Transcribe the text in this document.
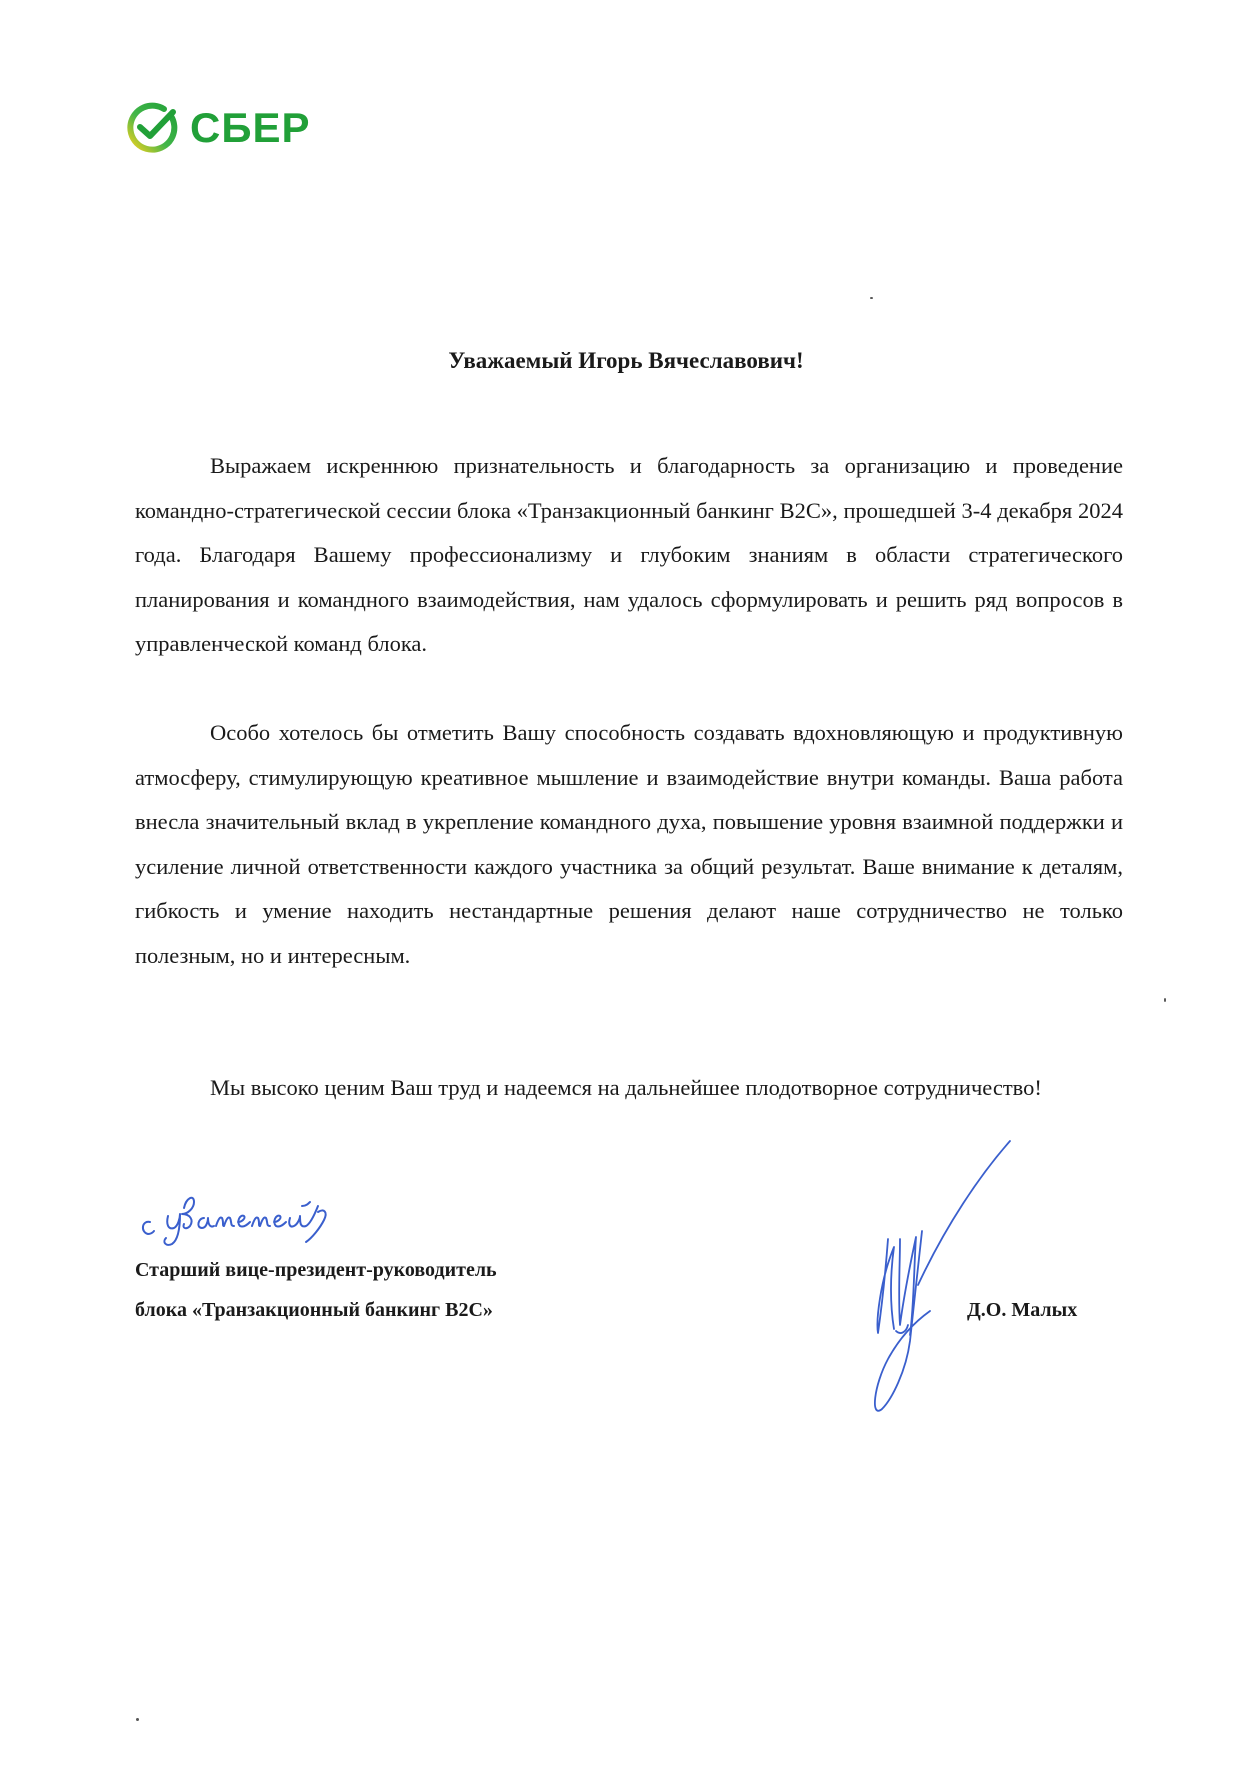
СБЕР
Уважаемый Игорь Вячеславович!

Выражаем искреннюю признательность и благодарность за организацию и проведение командно-стратегической сессии блока «Транзакционный банкинг B2C», прошедшей 3-4 декабря 2024 года. Благодаря Вашему профессионализму и глубоким знаниям в области стратегического планирования и командного взаимодействия, нам удалось сформулировать и решить ряд вопросов в управленческой команд блока.

Особо хотелось бы отметить Вашу способность создавать вдохновляющую и продуктивную атмосферу, стимулирующую креативное мышление и взаимодействие внутри команды. Ваша работа внесла значительный вклад в укрепление командного духа, повышение уровня взаимной поддержки и усиление личной ответственности каждого участника за общий результат. Ваше внимание к деталям, гибкость и умение находить нестандартные решения делают наше сотрудничество не только полезным, но и интересным.

Мы высоко ценим Ваш труд и надеемся на дальнейшее плодотворное сотрудничество!

Старший вице-президент-руководитель
блока «Транзакционный банкинг B2C»	Д.О. Малых
